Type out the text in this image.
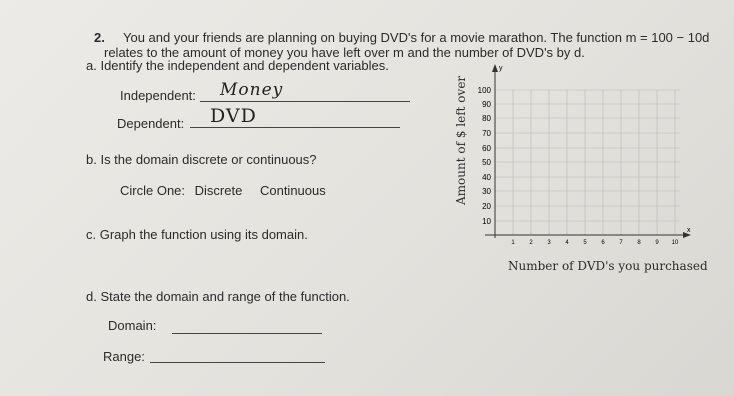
2. You and your friends are planning on buying DVD's for a movie marathon. The function m = 100 − 10d
relates to the amount of money you have left over m and the number of DVD's by d.
a. Identify the independent and dependent variables.
Independent: Money
Dependent: DVD
b. Is the domain discrete or continuous?
Circle One: Discrete Continuous
c. Graph the function using its domain.
d. State the domain and range of the function.
Domain:
Range:
y
x
10
20
30
40
50
60
70
80
90
100
1 2 3 4 5 6 7 8 9 10
Amount of $ left over
Number of DVD's you purchased
